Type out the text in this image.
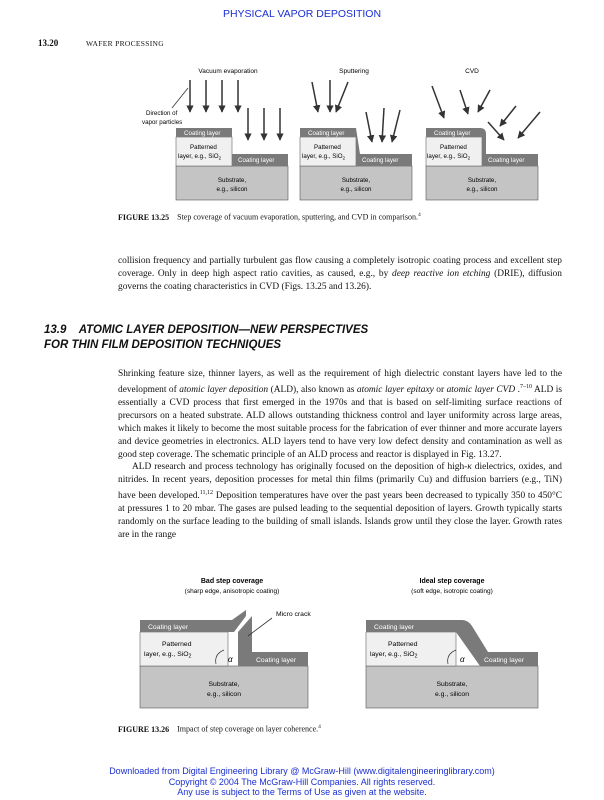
PHYSICAL VAPOR DEPOSITION
13.20	WAFER PROCESSING
Vacuum evaporation	Sputtering	CVD
Direction of
vapor particles
Coating layer
Patterned
layer, e.g., SiO$_2$	Coating layer
Substrate,
e.g., silicon
Coating layer
Patterned
layer, e.g., SiO$_2$	Coating layer
Substrate,
e.g., silicon
Coating layer
Patterned
layer, e.g., SiO$_2$	Coating layer
Substrate,
e.g., silicon
FIGURE 13.25 Step coverage of vacuum evaporation, sputtering, and CVD in comparison.$^4$

collision frequency and partially turbulent gas flow causing a completely isotropic coating process and excellent step coverage. Only in deep high aspect ratio cavities, as caused, e.g., by deep reactive ion etching (DRIE), diffusion governs the coating characteristics in CVD (Figs. 13.25 and 13.26).

13.9    ATOMIC LAYER DEPOSITION—NEW PERSPECTIVES
FOR THIN FILM DEPOSITION TECHNIQUES

Shrinking feature size, thinner layers, as well as the requirement of high dielectric constant layers have led to the development of atomic layer deposition (ALD), also known as atomic layer epitaxy or atomic layer CVD .$^{7-10}$ ALD is essentially a CVD process that first emerged in the 1970s and that is based on self-limiting surface reactions of precursors on a heated substrate. ALD allows outstanding thickness control and layer uniformity across large areas, which makes it likely to become the most suitable process for the fabrication of ever thinner and more accurate layers and device geometries in electronics. ALD layers tend to have very low defect density and contamination as well as good step coverage. The schematic principle of an ALD process and reactor is displayed in Fig. 13.27.

ALD research and process technology has originally focused on the deposition of high-κ dielectrics, oxides, and nitrides. In recent years, deposition processes for metal thin films (primarily Cu) and diffusion barriers (e.g., TiN) have been developed.$^{11,12}$ Deposition temperatures have over the past years been decreased to typically 350 to 450°C at pressures 1 to 20 mbar. The gases are pulsed leading to the sequential deposition of layers. Growth typically starts randomly on the surface leading to the building of small islands. Islands grow until they close the layer. Growth rates are in the range

Bad step coverage
(sharp edge, anisotropic coating)
Ideal step coverage
(soft edge, isotropic coating)
Micro crack
Coating layer
Patterned
layer, e.g., SiO$_2$	α	Coating layer
Substrate,
e.g., silicon
Coating layer
Patterned
layer, e.g., SiO$_2$	α	Coating layer
Substrate,
e.g., silicon
FIGURE 13.26 Impact of step coverage on layer coherence.$^4$
Downloaded from Digital Engineering Library @ McGraw-Hill (www.digitalengineeringlibrary.com)
Copyright © 2004 The McGraw-Hill Companies. All rights reserved.
Any use is subject to the Terms of Use as given at the website.
